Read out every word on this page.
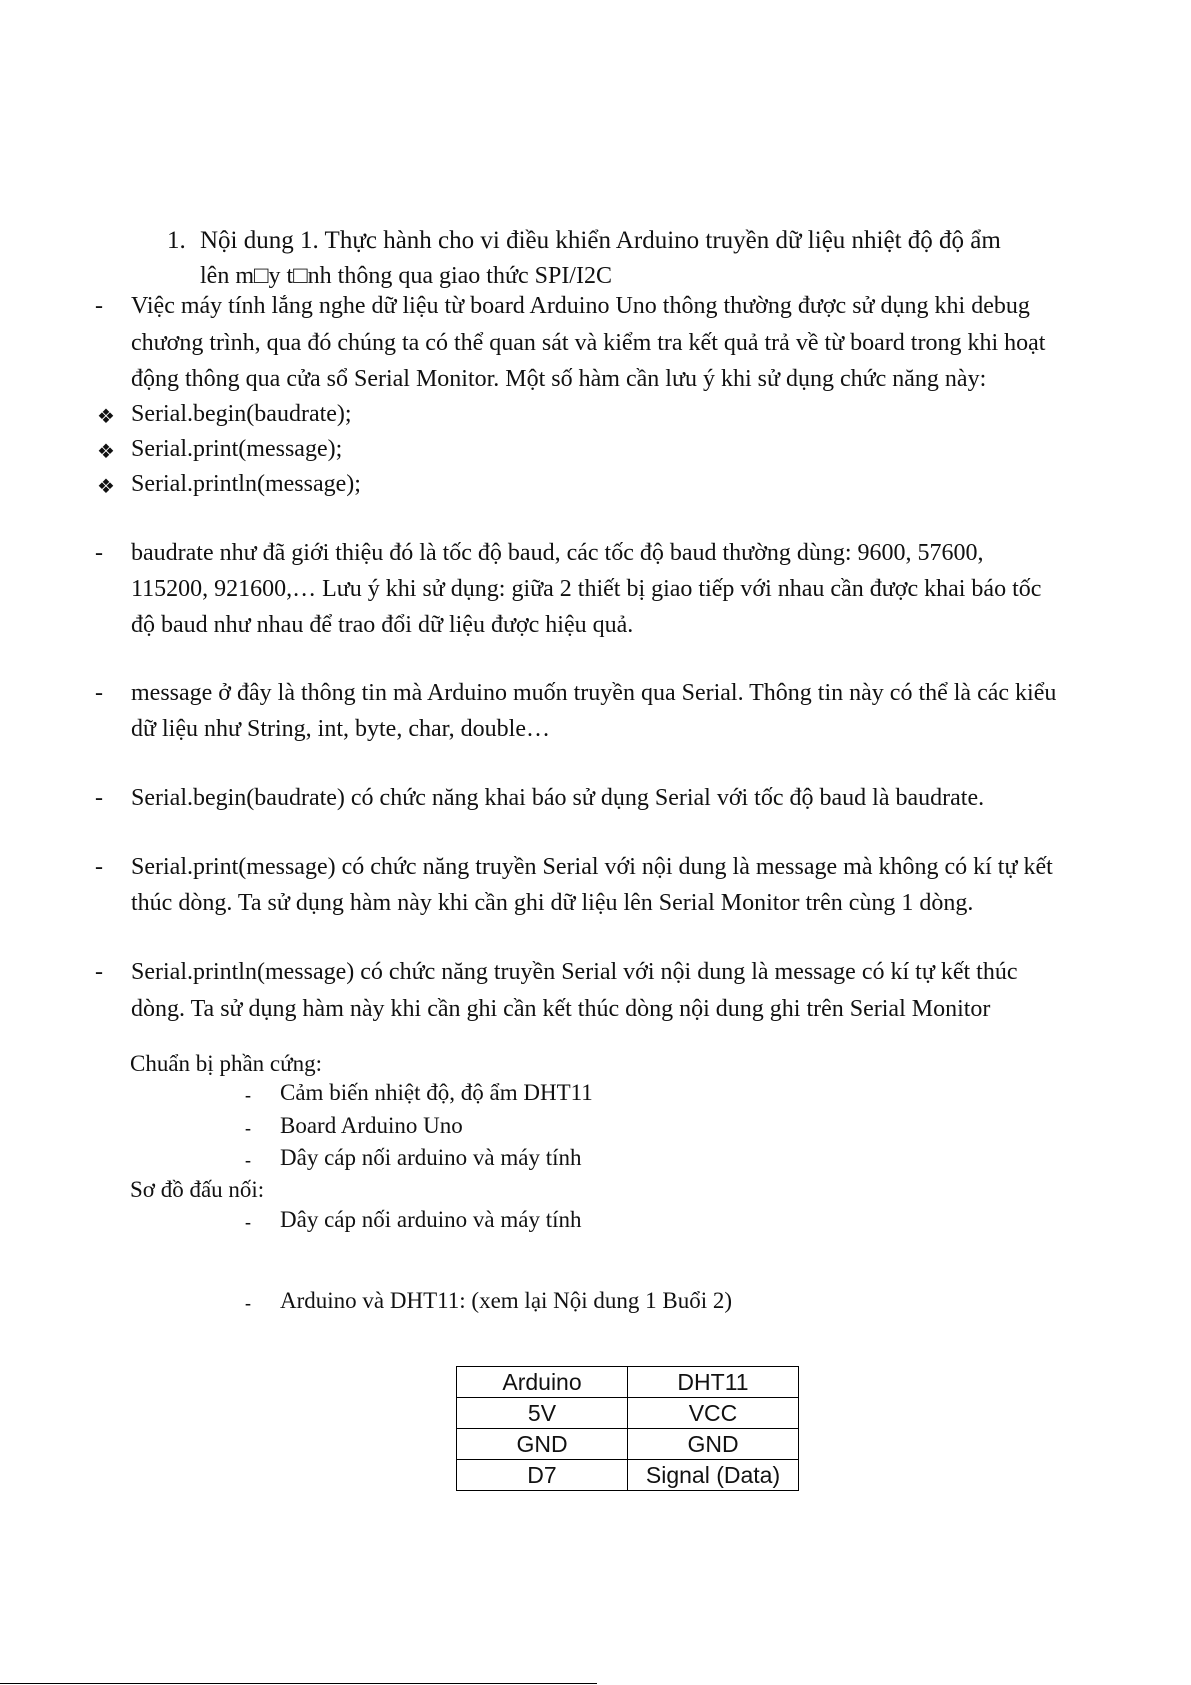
1. Nội dung 1. Thực hành cho vi điều khiển Arduino truyền dữ liệu nhiệt độ độ ẩm
lên m□y t□nh thông qua giao thức SPI/I2C
- Việc máy tính lắng nghe dữ liệu từ board Arduino Uno thông thường được sử dụng khi debug
chương trình, qua đó chúng ta có thể quan sát và kiểm tra kết quả trả về từ board trong khi hoạt
động thông qua cửa sổ Serial Monitor. Một số hàm cần lưu ý khi sử dụng chức năng này:
❖ Serial.begin(baudrate);
❖ Serial.print(message);
❖ Serial.println(message);
- baudrate như đã giới thiệu đó là tốc độ baud, các tốc độ baud thường dùng: 9600, 57600,
115200, 921600,… Lưu ý khi sử dụng: giữa 2 thiết bị giao tiếp với nhau cần được khai báo tốc
độ baud như nhau để trao đổi dữ liệu được hiệu quả.
- message ở đây là thông tin mà Arduino muốn truyền qua Serial. Thông tin này có thể là các kiểu
dữ liệu như String, int, byte, char, double…
- Serial.begin(baudrate) có chức năng khai báo sử dụng Serial với tốc độ baud là baudrate.
- Serial.print(message) có chức năng truyền Serial với nội dung là message mà không có kí tự kết
thúc dòng. Ta sử dụng hàm này khi cần ghi dữ liệu lên Serial Monitor trên cùng 1 dòng.
- Serial.println(message) có chức năng truyền Serial với nội dung là message có kí tự kết thúc
dòng. Ta sử dụng hàm này khi cần ghi cần kết thúc dòng nội dung ghi trên Serial Monitor
Chuẩn bị phần cứng:
- Cảm biến nhiệt độ, độ ẩm DHT11
- Board Arduino Uno
- Dây cáp nối arduino và máy tính
Sơ đồ đấu nối:
- Dây cáp nối arduino và máy tính
- Arduino và DHT11: (xem lại Nội dung 1 Buổi 2)
Arduino	DHT11
5V	VCC
GND	GND
D7	Signal (Data)
